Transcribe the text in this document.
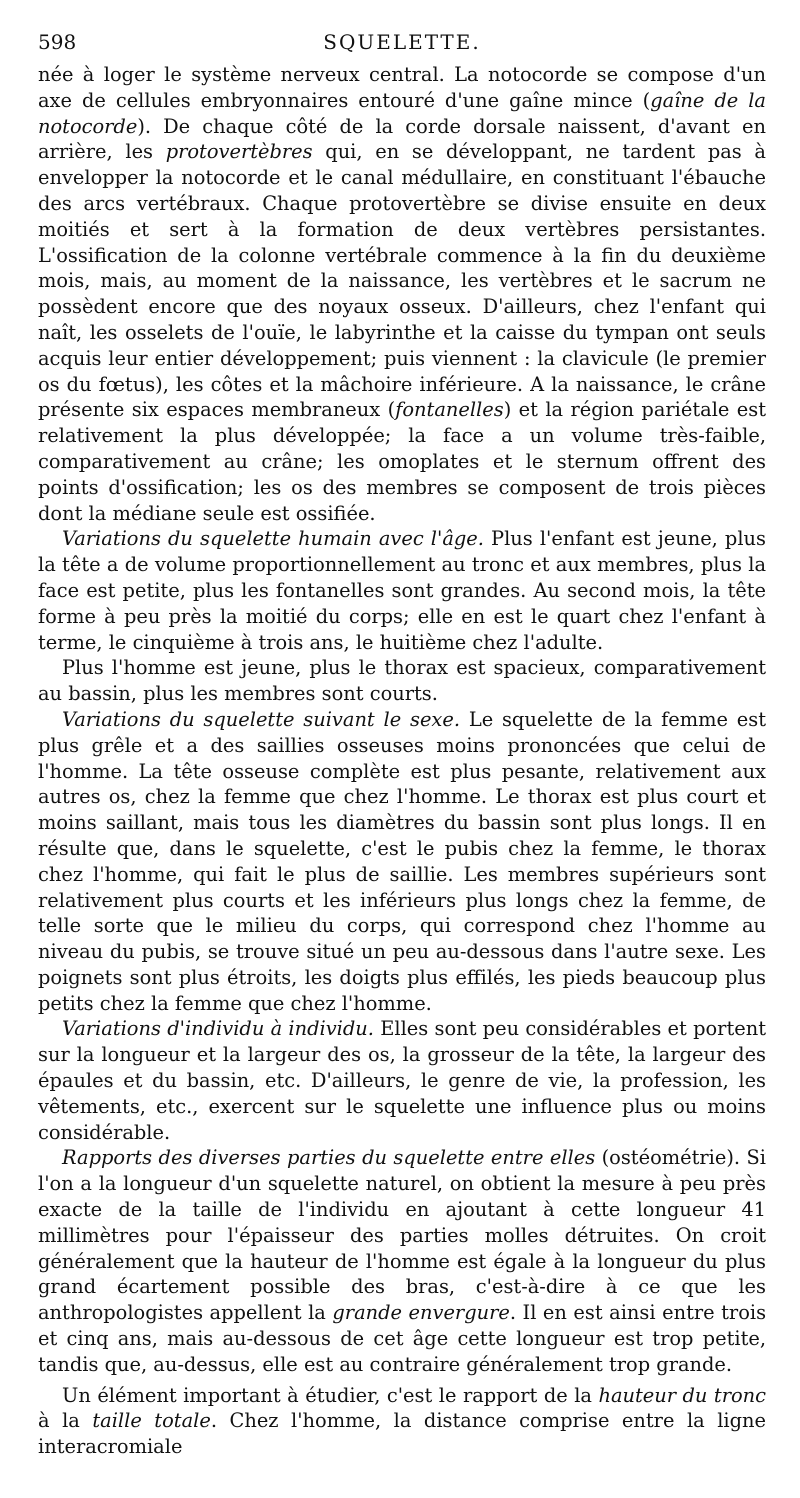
598	SQUELETTE.

née à loger le système nerveux central. La notocorde se compose d'un axe de cellules embryonnaires entouré d'une gaîne mince (gaîne de la notocorde). De chaque côté de la corde dorsale naissent, d'avant en arrière, les protovertèbres qui, en se développant, ne tardent pas à envelopper la notocorde et le canal médullaire, en constituant l'ébauche des arcs vertébraux. Chaque protovertèbre se divise ensuite en deux moitiés et sert à la formation de deux vertèbres persistantes. L'ossification de la colonne vertébrale commence à la fin du deuxième mois, mais, au moment de la naissance, les vertèbres et le sacrum ne possèdent encore que des noyaux osseux. D'ailleurs, chez l'enfant qui naît, les osselets de l'ouïe, le labyrinthe et la caisse du tympan ont seuls acquis leur entier développement; puis viennent : la clavicule (le premier os du fœtus), les côtes et la mâchoire inférieure. A la naissance, le crâne présente six espaces membraneux (fontanelles) et la région pariétale est relativement la plus développée; la face a un volume très-faible, comparativement au crâne; les omoplates et le sternum offrent des points d'ossification; les os des membres se composent de trois pièces dont la médiane seule est ossifiée.

Variations du squelette humain avec l'âge. Plus l'enfant est jeune, plus la tête a de volume proportionnellement au tronc et aux membres, plus la face est petite, plus les fontanelles sont grandes. Au second mois, la tête forme à peu près la moitié du corps; elle en est le quart chez l'enfant à terme, le cinquième à trois ans, le huitième chez l'adulte.

Plus l'homme est jeune, plus le thorax est spacieux, comparativement au bassin, plus les membres sont courts.

Variations du squelette suivant le sexe. Le squelette de la femme est plus grêle et a des saillies osseuses moins prononcées que celui de l'homme. La tête osseuse complète est plus pesante, relativement aux autres os, chez la femme que chez l'homme. Le thorax est plus court et moins saillant, mais tous les diamètres du bassin sont plus longs. Il en résulte que, dans le squelette, c'est le pubis chez la femme, le thorax chez l'homme, qui fait le plus de saillie. Les membres supérieurs sont relativement plus courts et les inférieurs plus longs chez la femme, de telle sorte que le milieu du corps, qui correspond chez l'homme au niveau du pubis, se trouve situé un peu au-dessous dans l'autre sexe. Les poignets sont plus étroits, les doigts plus effilés, les pieds beaucoup plus petits chez la femme que chez l'homme.

Variations d'individu à individu. Elles sont peu considérables et portent sur la longueur et la largeur des os, la grosseur de la tête, la largeur des épaules et du bassin, etc. D'ailleurs, le genre de vie, la profession, les vêtements, etc., exercent sur le squelette une influence plus ou moins considérable.

Rapports des diverses parties du squelette entre elles (ostéométrie). Si l'on a la longueur d'un squelette naturel, on obtient la mesure à peu près exacte de la taille de l'individu en ajoutant à cette longueur 41 millimètres pour l'épaisseur des parties molles détruites. On croit généralement que la hauteur de l'homme est égale à la longueur du plus grand écartement possible des bras, c'est-à-dire à ce que les anthropologistes appellent la grande envergure. Il en est ainsi entre trois et cinq ans, mais au-dessous de cet âge cette longueur est trop petite, tandis que, au-dessus, elle est au contraire généralement trop grande.

Un élément important à étudier, c'est le rapport de la hauteur du tronc à la taille totale. Chez l'homme, la distance comprise entre la ligne interacromiale
